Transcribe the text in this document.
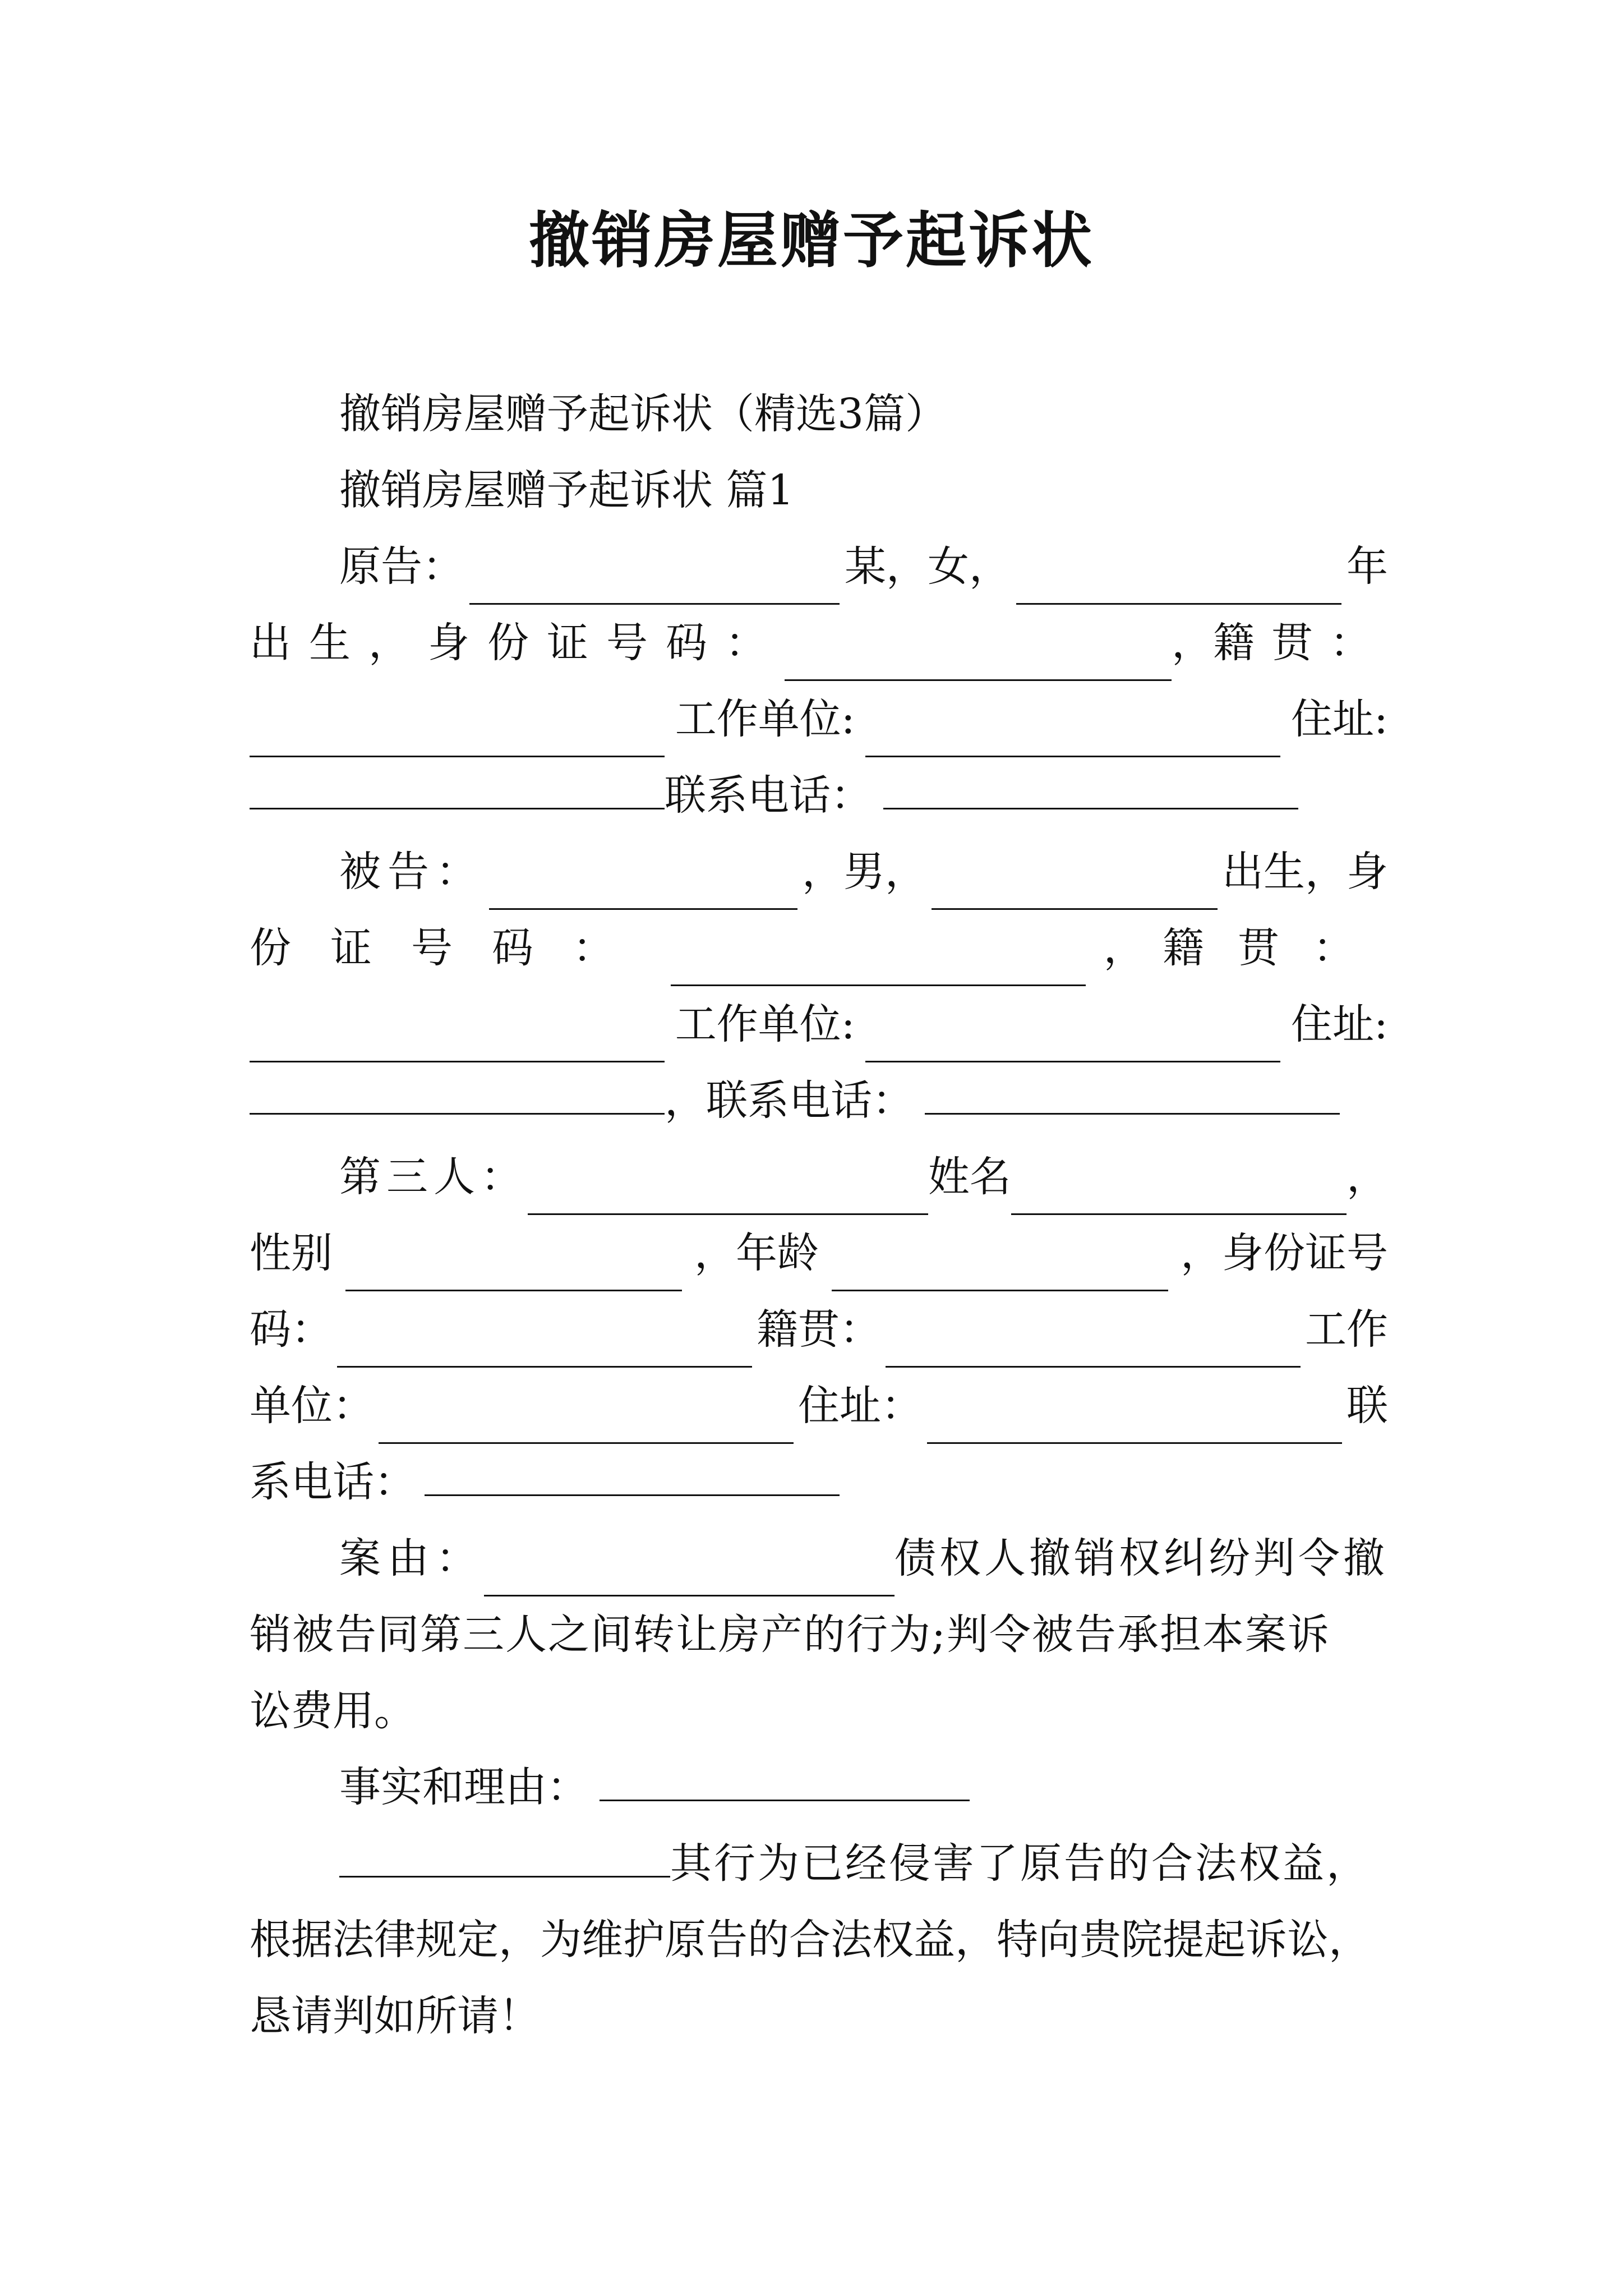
撤销房屋赠予起诉状
撤销房屋赠予起诉状（精选3篇）
撤销房屋赠予起诉状 篇1
原告：	某，女，	年
出生，身份证号码：	， 籍贯：
工作单位:	住址:
联系电话：
被告：	，男，	出生，身
份证号码：	， 籍贯：
工作单位:	住址:
，联系电话：
第三人：	姓名	，
性别	，年龄	，身份证号
码：	籍贯：	工作
单位：	住址：	联
系电话：
案由：	债权人撤销权纠纷判令撤
销被告同第三人之间转让房产的行为;判令被告承担本案诉
讼费用。
事实和理由：
其行为已经侵害了原告的合法权益，
根据法律规定，为维护原告的合法权益，特向贵院提起诉讼，
恳请判如所请！
